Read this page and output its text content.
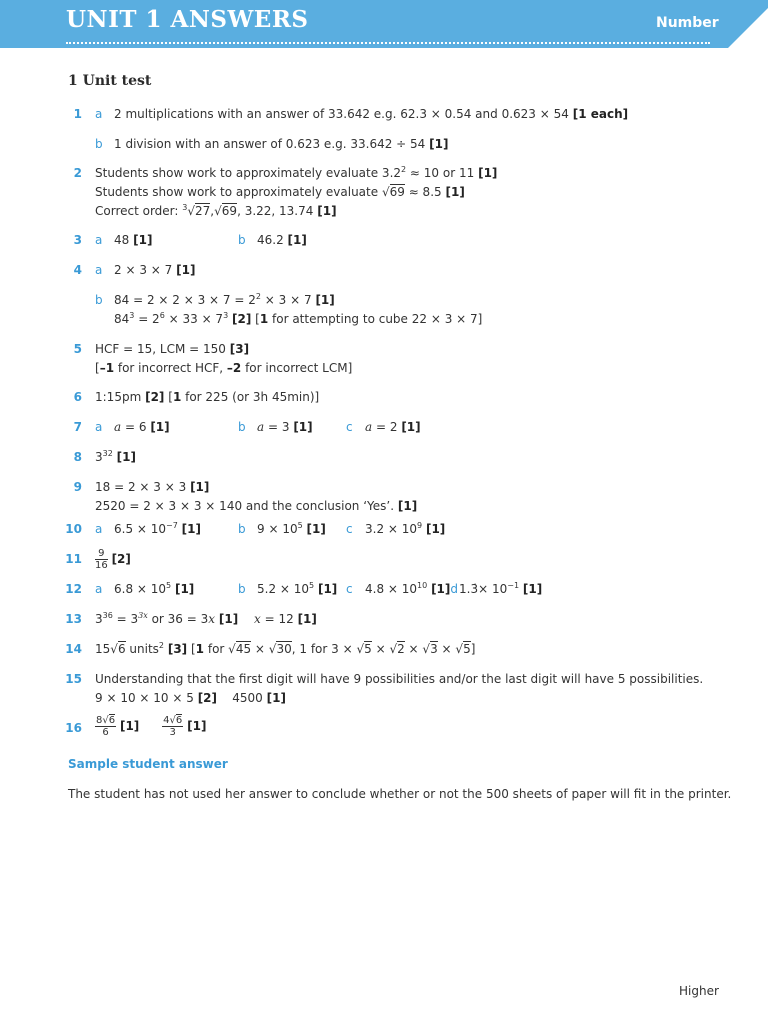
UNIT 1 ANSWERS	Number
1 Unit test
1 a 2 multiplications with an answer of 33.642 e.g. 62.3 × 0.54 and 0.623 × 54 [1 each]
b 1 division with an answer of 0.623 e.g. 33.642 ÷ 54 [1]
2 Students show work to approximately evaluate $3.2^2 \approx 10$ or 11 [1]
Students show work to approximately evaluate √69 ≈ 8.5 [1]
Correct order: $^3$√27,√69, 3.22, 13.74 [1]
3 a 48 [1]	b 46.2 [1]
4 a 2 × 3 × 7 [1]
b $84 = 2 \times 2 \times 3 \times 7 = 2^2 \times 3 \times 7$ [1]
$84^3 = 2^6 \times 33 \times 7^3$ [2] [1 for attempting to cube 22 × 3 × 7]
5 HCF = 15, LCM = 150 [3]
[–1 for incorrect HCF, –2 for incorrect LCM]
6 1:15pm [2] [1 for 225 (or 3h 45min)]
7 a a = 6 [1]	b a = 3 [1]	c a = 2 [1]
8 $3^{32}$ [1]
9 18 = 2 × 3 × 3 [1]
2520 = 2 × 3 × 3 × 140 and the conclusion ‘Yes’. [1]
10 a $6.5 \times 10^{-7}$ [1]	b $9 \times 10^5$ [1] c $3.2 \times 10^9$ [1]
$11 \frac{9}{16} [2]$
12 a $6.8 \times 10^5$ [1]	b $5.2 \times 10^5$ [1] c $4.8 \times 10^{10}$ [1]d 1.3̇× $10^{-1}$ [1]
13 $3^{36} = 3^{3x}$ or 36 = 3x [1] x = 12 [1]
14 15√6 units$^2$ [3] [1 for √45 × √30, 1 for 3 × √5 × √2 × √3 × √5]
15 Understanding that the first digit will have 9 possibilities and/or the last digit will have 5 possibilities.
9 × 10 × 10 × 5 [2] 4500 [1]
$16 \frac{8√6}{6} [1] \frac{4√6}{3} [1]$
Sample student answer
The student has not used her answer to conclude whether or not the 500 sheets of paper will fit in the printer.
Higher
